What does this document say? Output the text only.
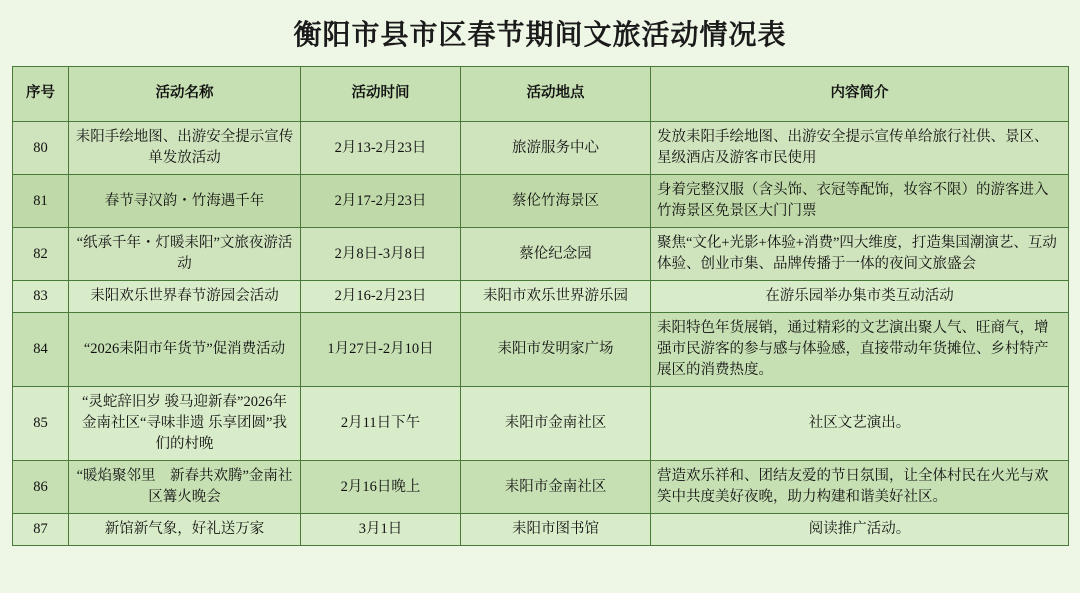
衡阳市县市区春节期间文旅活动情况表
序号	活动名称	活动时间	活动地点	内容简介
80	耒阳手绘地图、出游安全提示宣传单发放活动	2月13-2月23日	旅游服务中心	发放耒阳手绘地图、出游安全提示宣传单给旅行社供、景区、星级酒店及游客市民使用
81	春节寻汉韵・竹海遇千年	2月17-2月23日	蔡伦竹海景区	身着完整汉服（含头饰、衣冠等配饰，妆容不限）的游客进入竹海景区免景区大门门票
82	“纸承千年・灯暖耒阳”文旅夜游活动	2月8日-3月8日	蔡伦纪念园	聚焦“文化+光影+体验+消费”四大维度，打造集国潮演艺、互动体验、创业市集、品牌传播于一体的夜间文旅盛会
83	耒阳欢乐世界春节游园会活动	2月16-2月23日	耒阳市欢乐世界游乐园	在游乐园举办集市类互动活动
84	“2026耒阳市年货节”促消费活动	1月27日-2月10日	耒阳市发明家广场	耒阳特色年货展销，通过精彩的文艺演出聚人气、旺商气，增强市民游客的参与感与体验感，直接带动年货摊位、乡村特产展区的消费热度。
85	“灵蛇辞旧岁 骏马迎新春”2026年金南社区“寻味非遗 乐享团圆”我们的村晚	2月11日下午	耒阳市金南社区	社区文艺演出。
86	“暖焰聚邻里　新春共欢腾”金南社区篝火晚会	2月16日晚上	耒阳市金南社区	营造欢乐祥和、团结友爱的节日氛围，让全体村民在火光与欢笑中共度美好夜晚，助力构建和谐美好社区。
87	新馆新气象，好礼送万家	3月1日	耒阳市图书馆	阅读推广活动。
